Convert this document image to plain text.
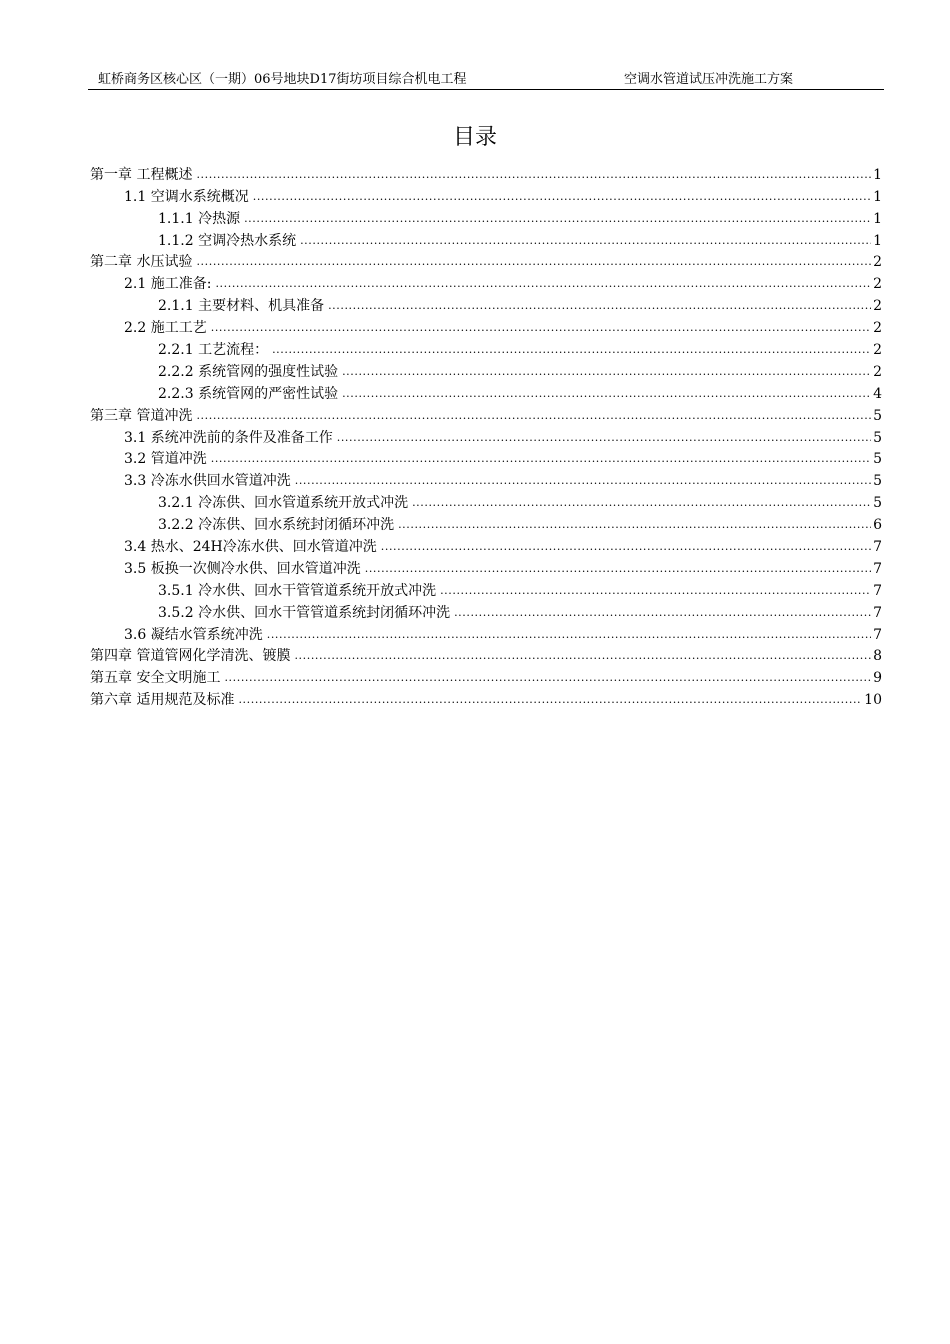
虹桥商务区核心区（一期）06号地块D17街坊项目综合机电工程	空调水管道试压冲洗施工方案
目录
第一章 工程概述 .....	1
1.1 空调水系统概况 .....	1
1.1.1 冷热源 .....	1
1.1.2 空调冷热水系统 .....	1
第二章 水压试验 .....	2
2.1 施工准备: .....	2
2.1.1 主要材料、机具准备 .....	2
2.2 施工工艺 .....	2
2.2.1 工艺流程： .....	2
2.2.2 系统管网的强度性试验 .....	2
2.2.3 系统管网的严密性试验 .....	4
第三章 管道冲洗 .....	5
3.1 系统冲洗前的条件及准备工作 .....	5
3.2 管道冲洗 .....	5
3.3 冷冻水供回水管道冲洗 .....	5
3.2.1 冷冻供、回水管道系统开放式冲洗 .....	5
3.2.2 冷冻供、回水系统封闭循环冲洗 .....	6
3.4 热水、24H冷冻水供、回水管道冲洗 .....	7
3.5 板换一次侧冷水供、回水管道冲洗 .....	7
3.5.1 冷水供、回水干管管道系统开放式冲洗 .....	7
3.5.2 冷水供、回水干管管道系统封闭循环冲洗 .....	7
3.6 凝结水管系统冲洗 .....	7
第四章 管道管网化学清洗、镀膜 .....	8
第五章 安全文明施工 .....	9
第六章 适用规范及标准 .....	10
